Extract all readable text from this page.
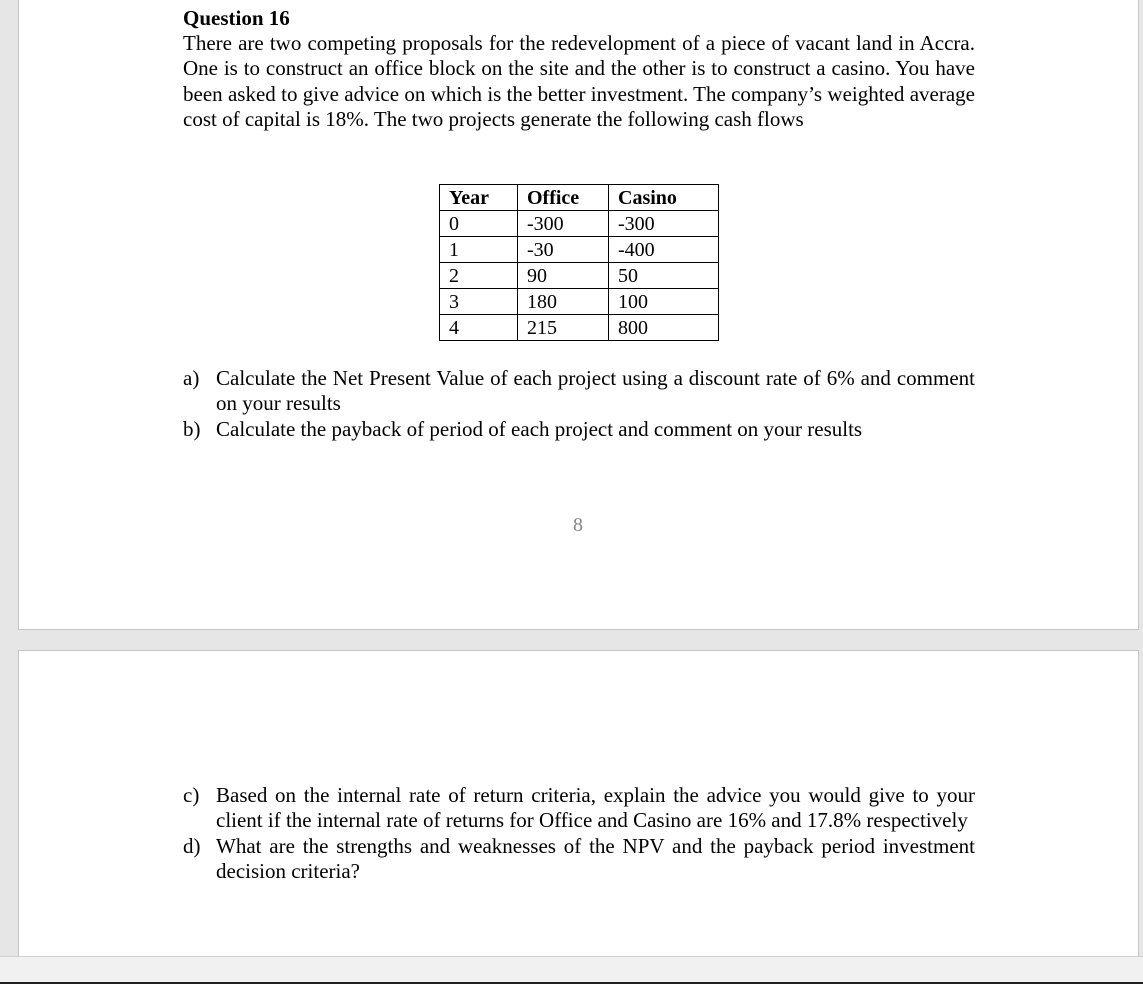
Question 16

There are two competing proposals for the redevelopment of a piece of vacant land in Accra. One is to construct an office block on the site and the other is to construct a casino. You have been asked to give advice on which is the better investment. The company’s weighted average cost of capital is 18%. The two projects generate the following cash flows

Year	Office	Casino
0	-300	-300
1	-30	-400
2	90	50
3	180	100
4	215	800
a) Calculate the Net Present Value of each project using a discount rate of 6% and comment on your results
b) Calculate the payback of period of each project and comment on your results
8
c) Based on the internal rate of return criteria, explain the advice you would give to your client if the internal rate of returns for Office and Casino are 16% and 17.8% respectively
d) What are the strengths and weaknesses of the NPV and the payback period investment decision criteria?
